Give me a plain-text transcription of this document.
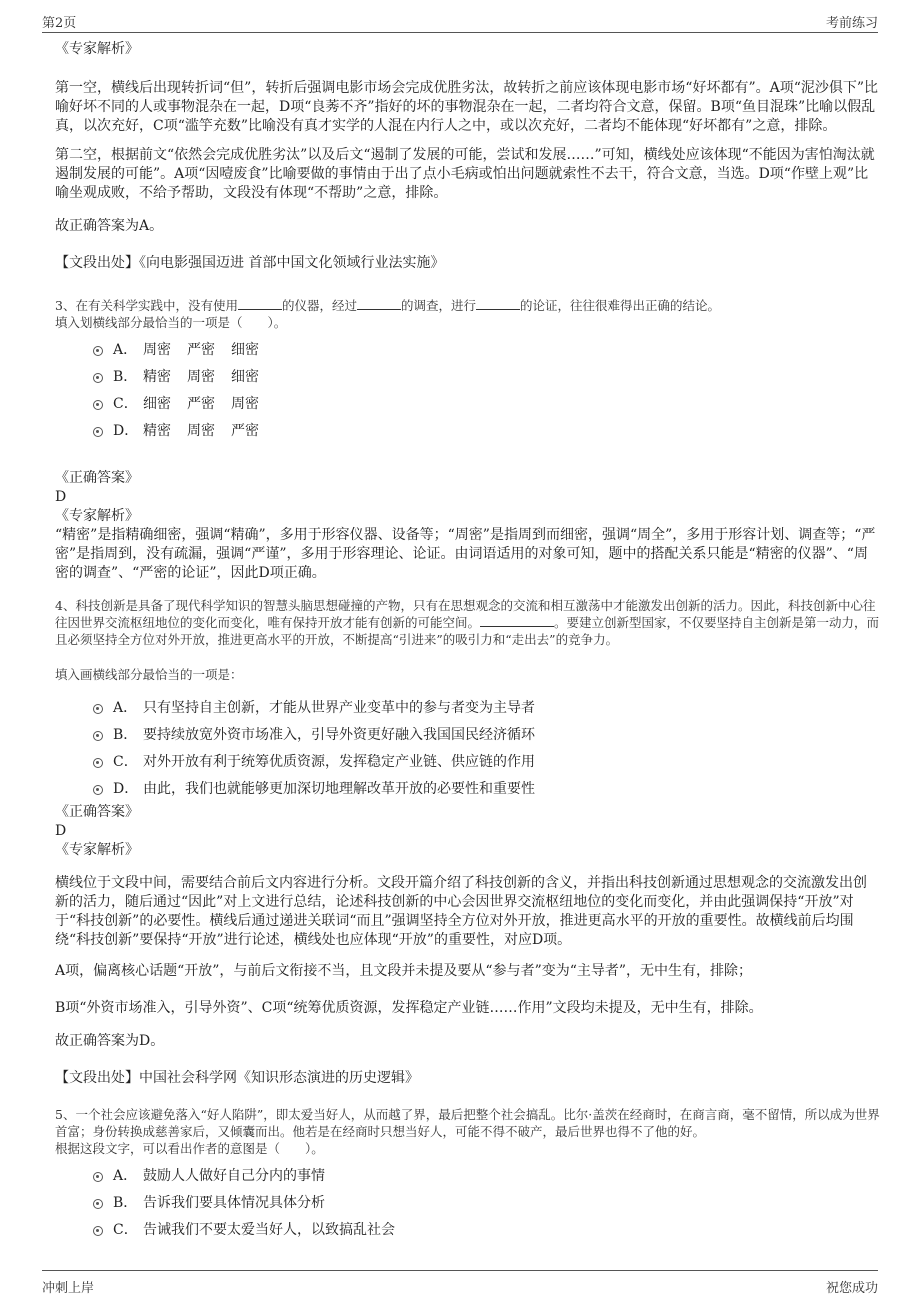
第2页	考前练习

《专家解析》

第一空，横线后出现转折词“但”，转折后强调电影市场会完成优胜劣汰，故转折之前应该体现电影市场“好坏都有”。A项“泥沙俱下”比喻好坏不同的人或事物混杂在一起，D项“良莠不齐”指好的坏的事物混杂在一起，二者均符合文意，保留。B项“鱼目混珠”比喻以假乱真，以次充好，C项“滥竽充数”比喻没有真才实学的人混在内行人之中，或以次充好，二者均不能体现“好坏都有”之意，排除。

第二空，根据前文“依然会完成优胜劣汰”以及后文“遏制了发展的可能，尝试和发展……”可知，横线处应该体现“不能因为害怕淘汰就遏制发展的可能”。A项“因噎废食”比喻要做的事情由于出了点小毛病或怕出问题就索性不去干，符合文意，当选。D项“作壁上观”比喻坐观成败，不给予帮助，文段没有体现“不帮助”之意，排除。

故正确答案为A。

【文段出处】《向电影强国迈进 首部中国文化领域行业法实施》

3、在有关科学实践中，没有使用	的仪器，经过	的调查，进行	的论证，往往很难得出正确的结论。

填入划横线部分最恰当的一项是（　　）。

A． 周密 严密 细密
B． 精密 周密 细密
C． 细密 严密 周密
D． 精密 周密 严密

《正确答案》

D

《专家解析》

“精密”是指精确细密，强调“精确”，多用于形容仪器、设备等；“周密”是指周到而细密，强调“周全”，多用于形容计划、调查等；“严密”是指周到，没有疏漏，强调“严谨”，多用于形容理论、论证。由词语适用的对象可知，题中的搭配关系只能是“精密的仪器”、“周密的调查”、“严密的论证”，因此D项正确。

4、科技创新是具备了现代科学知识的智慧头脑思想碰撞的产物，只有在思想观念的交流和相互激荡中才能激发出创新的活力。因此，科技创新中心往往因世界交流枢纽地位的变化而变化，唯有保持开放才能有创新的可能空间。	。要建立创新型国家，不仅要坚持自主创新是第一动力，而且必须坚持全方位对外开放，推进更高水平的开放，不断提高“引进来”的吸引力和“走出去”的竞争力。

填入画横线部分最恰当的一项是：

A． 只有坚持自主创新，才能从世界产业变革中的参与者变为主导者
B． 要持续放宽外资市场准入，引导外资更好融入我国国民经济循环
C． 对外开放有利于统筹优质资源，发挥稳定产业链、供应链的作用
D． 由此，我们也就能够更加深切地理解改革开放的必要性和重要性

《正确答案》

D

《专家解析》

横线位于文段中间，需要结合前后文内容进行分析。文段开篇介绍了科技创新的含义，并指出科技创新通过思想观念的交流激发出创新的活力，随后通过“因此”对上文进行总结，论述科技创新的中心会因世界交流枢纽地位的变化而变化，并由此强调保持“开放”对于“科技创新”的必要性。横线后通过递进关联词“而且”强调坚持全方位对外开放，推进更高水平的开放的重要性。故横线前后均围绕“科技创新”要保持“开放”进行论述，横线处也应体现“开放”的重要性，对应D项。

A项，偏离核心话题“开放”，与前后文衔接不当，且文段并未提及要从“参与者”变为“主导者”，无中生有，排除；

B项“外资市场准入，引导外资”、C项“统筹优质资源，发挥稳定产业链……作用”文段均未提及，无中生有，排除。

故正确答案为D。

【文段出处】中国社会科学网《知识形态演进的历史逻辑》

5、一个社会应该避免落入“好人陷阱”，即太爱当好人，从而越了界，最后把整个社会搞乱。比尔·盖茨在经商时，在商言商，毫不留情，所以成为世界首富；身份转换成慈善家后，又倾囊而出。他若是在经商时只想当好人，可能不得不破产，最后世界也得不了他的好。

根据这段文字，可以看出作者的意图是（　　）。

A． 鼓励人人做好自己分内的事情
B． 告诉我们要具体情况具体分析
C． 告诫我们不要太爱当好人，以致搞乱社会
冲刺上岸	祝您成功
